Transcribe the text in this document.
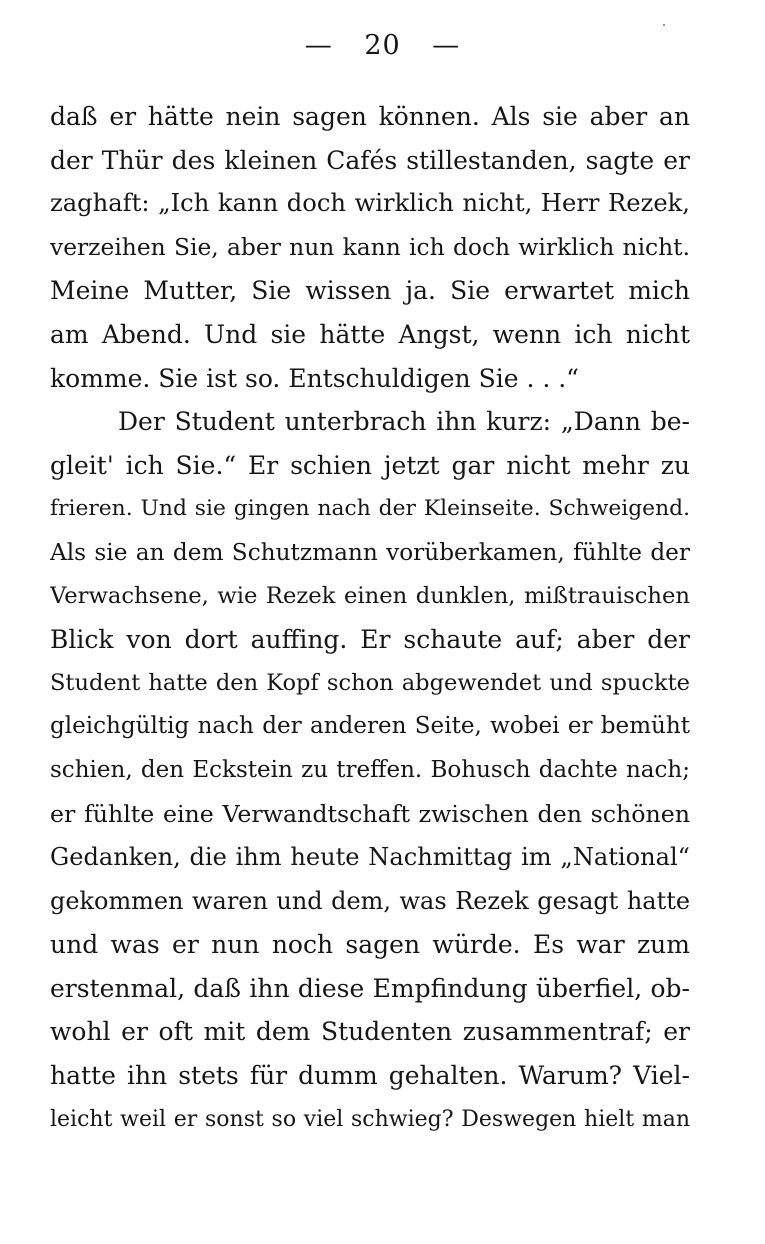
— 20 —
daß er hätte nein sagen können. Als sie aber an
der Thür des kleinen Cafés stillestanden, sagte er
zaghaft: „Ich kann doch wirklich nicht, Herr Rezek,
verzeihen Sie, aber nun kann ich doch wirklich nicht.
Meine Mutter, Sie wissen ja. Sie erwartet mich
am Abend. Und sie hätte Angst, wenn ich nicht
komme. Sie ist so. Entschuldigen Sie . . .“
Der Student unterbrach ihn kurz: „Dann be-
gleit' ich Sie.“ Er schien jetzt gar nicht mehr zu
frieren. Und sie gingen nach der Kleinseite. Schweigend.
Als sie an dem Schutzmann vorüberkamen, fühlte der
Verwachsene, wie Rezek einen dunklen, mißtrauischen
Blick von dort auffing. Er schaute auf; aber der
Student hatte den Kopf schon abgewendet und spuckte
gleichgültig nach der anderen Seite, wobei er bemüht
schien, den Eckstein zu treffen. Bohusch dachte nach;
er fühlte eine Verwandtschaft zwischen den schönen
Gedanken, die ihm heute Nachmittag im „National“
gekommen waren und dem, was Rezek gesagt hatte
und was er nun noch sagen würde. Es war zum
erstenmal, daß ihn diese Empfindung überfiel, ob-
wohl er oft mit dem Studenten zusammentraf; er
hatte ihn stets für dumm gehalten. Warum? Viel-
leicht weil er sonst so viel schwieg? Deswegen hielt man
